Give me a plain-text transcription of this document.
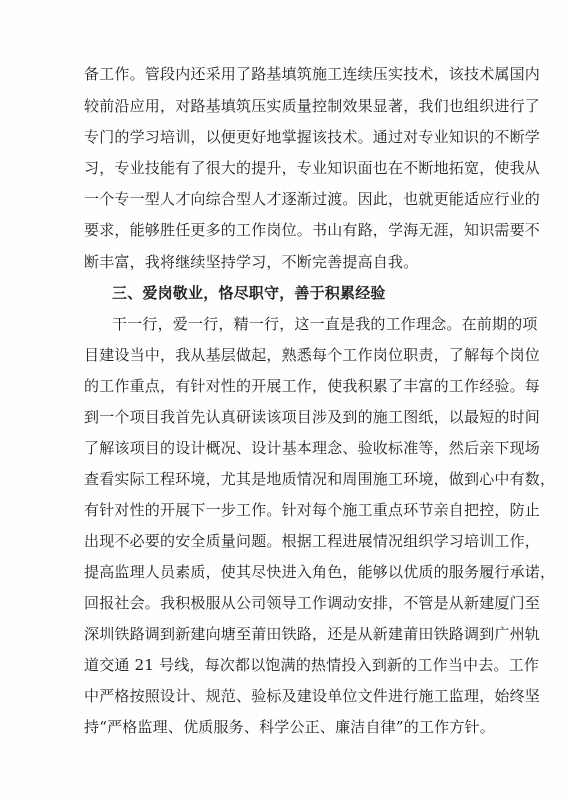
备工作。管段内还采用了路基填筑施工连续压实技术，该技术属国内
较前沿应用，对路基填筑压实质量控制效果显著，我们也组织进行了
专门的学习培训，以便更好地掌握该技术。通过对专业知识的不断学
习，专业技能有了很大的提升，专业知识面也在不断地拓宽，使我从
一个专一型人才向综合型人才逐渐过渡。因此，也就更能适应行业的
要求，能够胜任更多的工作岗位。书山有路，学海无涯，知识需要不
断丰富，我将继续坚持学习，不断完善提高自我。
三、爱岗敬业，恪尽职守，善于积累经验
干一行，爱一行，精一行，这一直是我的工作理念。在前期的项
目建设当中，我从基层做起，熟悉每个工作岗位职责，了解每个岗位
的工作重点，有针对性的开展工作，使我积累了丰富的工作经验。每
到一个项目我首先认真研读该项目涉及到的施工图纸，以最短的时间
了解该项目的设计概况、设计基本理念、验收标准等，然后亲下现场
查看实际工程环境，尤其是地质情况和周围施工环境，做到心中有数，
有针对性的开展下一步工作。针对每个施工重点环节亲自把控，防止
出现不必要的安全质量问题。根据工程进展情况组织学习培训工作，
提高监理人员素质，使其尽快进入角色，能够以优质的服务履行承诺，
回报社会。我积极服从公司领导工作调动安排，不管是从新建厦门至
深圳铁路调到新建向塘至莆田铁路，还是从新建莆田铁路调到广州轨
道交通 21 号线，每次都以饱满的热情投入到新的工作当中去。工作
中严格按照设计、规范、验标及建设单位文件进行施工监理，始终坚
持“严格监理、优质服务、科学公正、廉洁自律”的工作方针。
